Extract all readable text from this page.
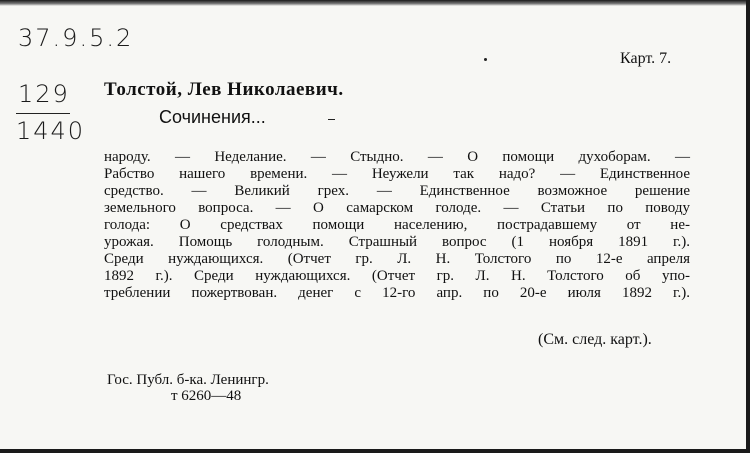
37.9.5.2
129
1440
Карт. 7.
Толстой, Лев Николаевич.
Сочинения...
народу. — Неделание. — Стыдно. — О помощи духоборам. —
Рабство нашего времени. — Неужели так надо? — Единственное
средство. — Великий грех. — Единственное возможное решение
земельного вопроса. — О самарском голоде. — Статьи по поводу
голода: О средствах помощи населению, пострадавшему от не-
урожая. Помощь голодным. Страшный вопрос (1 ноября 1891 г.).
Среди нуждающихся. (Отчет гр. Л. Н. Толстого по 12-е апреля
1892 г.). Среди нуждающихся. (Отчет гр. Л. Н. Толстого об упо-
треблении пожертвован. денег с 12-го апр. по 20-е июля 1892 г.).
(См. след. карт.).
Гос. Публ. б-ка. Ленингр.
т 6260—48
